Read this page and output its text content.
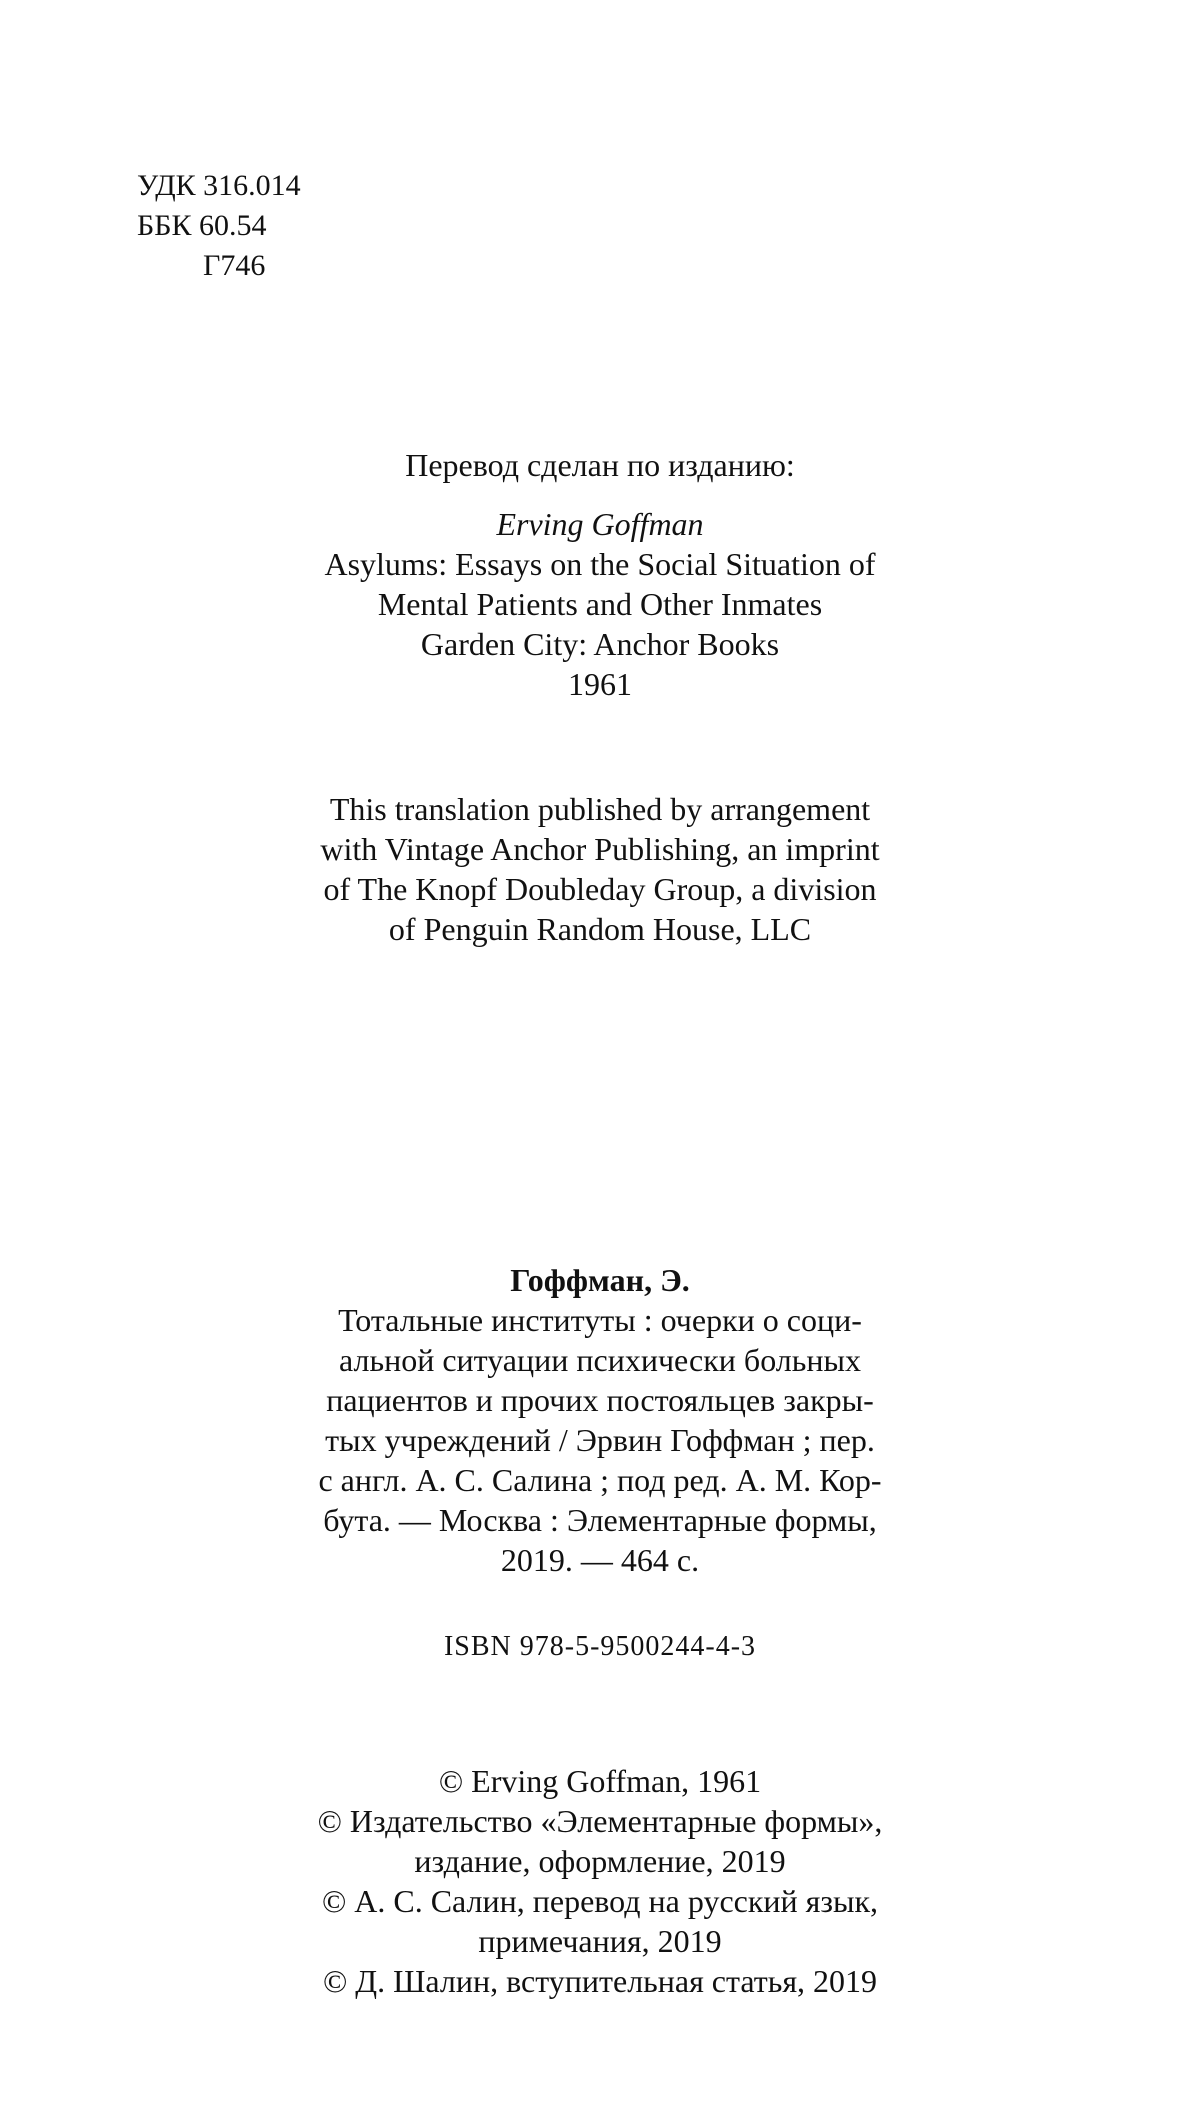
УДК 316.014
ББК 60.54
Г746
Перевод сделан по изданию:
Erving Goffman
Asylums: Essays on the Social Situation of
Mental Patients and Other Inmates
Garden City: Anchor Books
1961
This translation published by arrangement
with Vintage Anchor Publishing, an imprint
of The Knopf Doubleday Group, a division
of Penguin Random House, LLC
Гоффман, Э.
Тотальные институты : очерки о соци-
альной ситуации психически больных
пациентов и прочих постояльцев закры-
тых учреждений / Эрвин Гоффман ; пер.
с англ. А. С. Салина ; под ред. А. М. Кор-
бута. — Москва : Элементарные формы,
2019. — 464 с.
ISBN 978-5-9500244-4-3
© Erving Goffman, 1961
© Издательство «Элементарные формы»,
издание, оформление, 2019
© А. С. Салин, перевод на русский язык,
примечания, 2019
© Д. Шалин, вступительная статья, 2019
